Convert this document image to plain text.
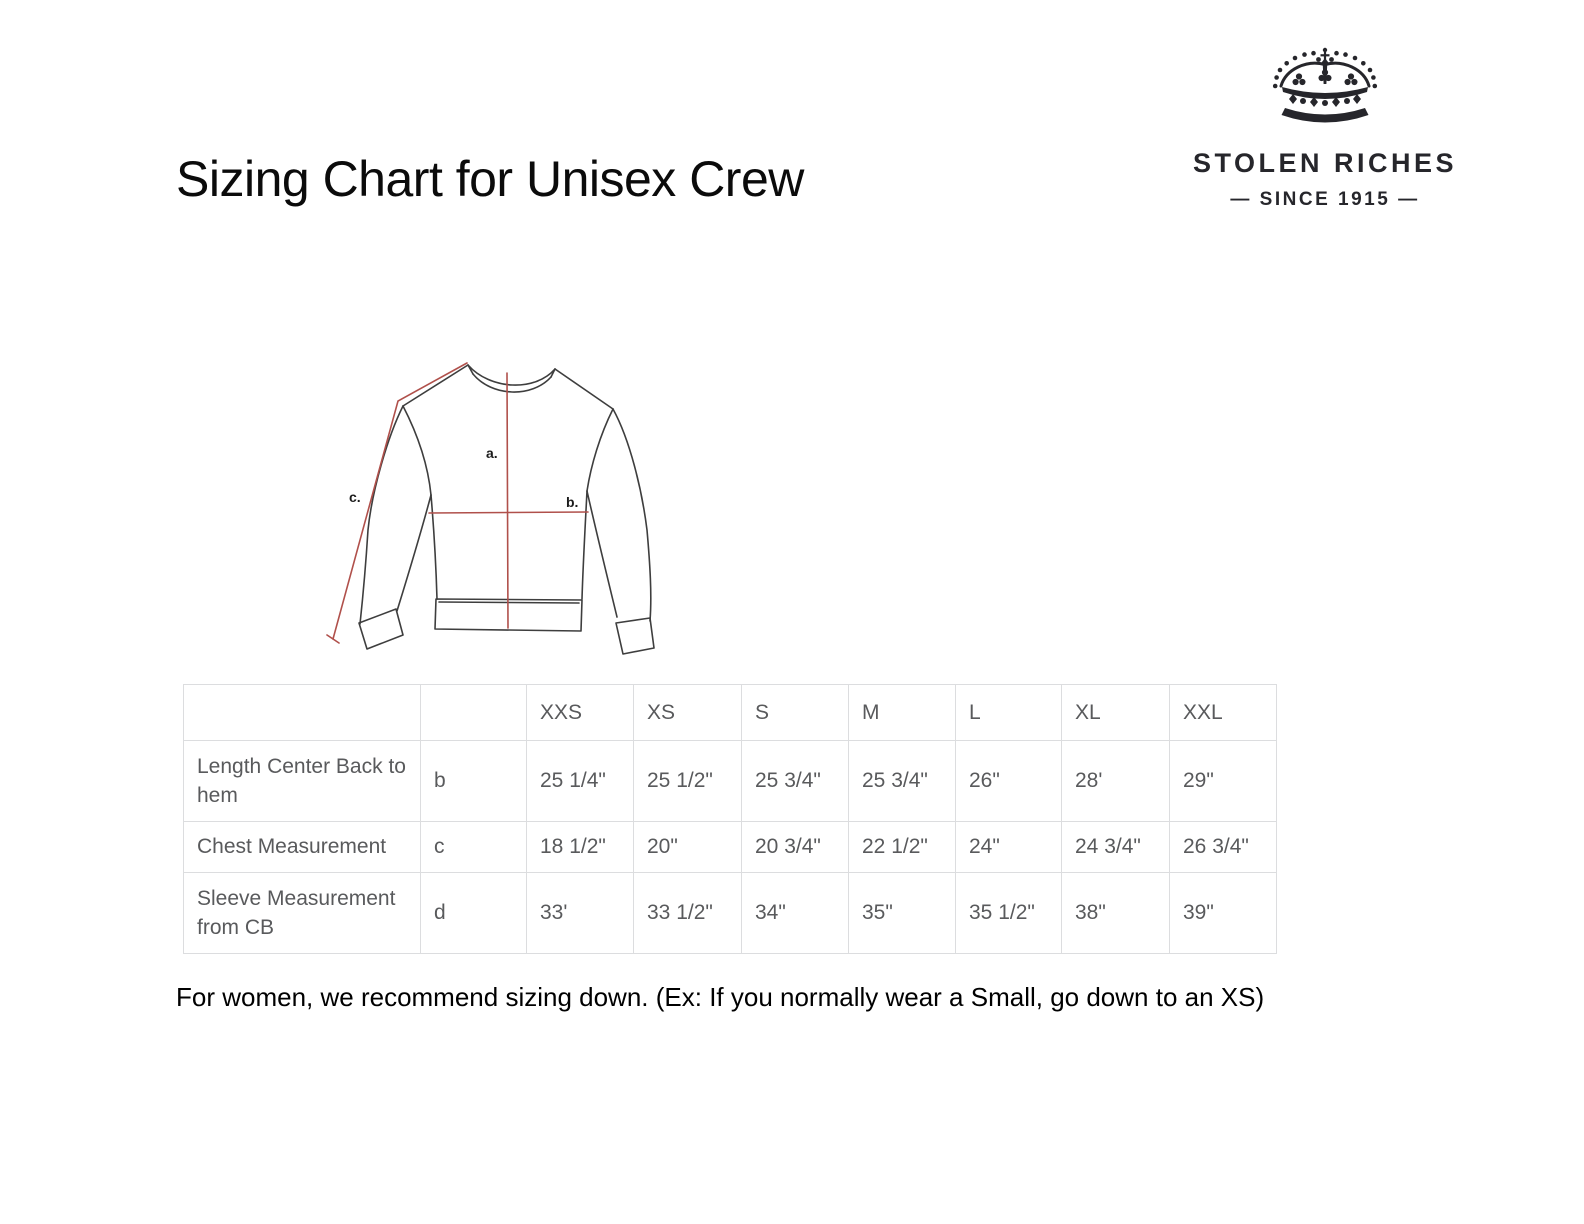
Sizing Chart for Unisex Crew	STOLEN RICHES
— SINCE 1915 —
a.
b.
c.
		XXS	XS	S	M	L	XL	XXL
Length Center Back to hem	b	25 1/4"	25 1/2"	25 3/4"	25 3/4"	26"	28'	29"
Chest Measurement	c	18 1/2"	20"	20 3/4"	22 1/2"	24"	24 3/4"	26 3/4"
Sleeve Measurement from CB	d	33'	33 1/2"	34"	35"	35 1/2"	38"	39"
For women, we recommend sizing down. (Ex: If you normally wear a Small, go down to an XS)
